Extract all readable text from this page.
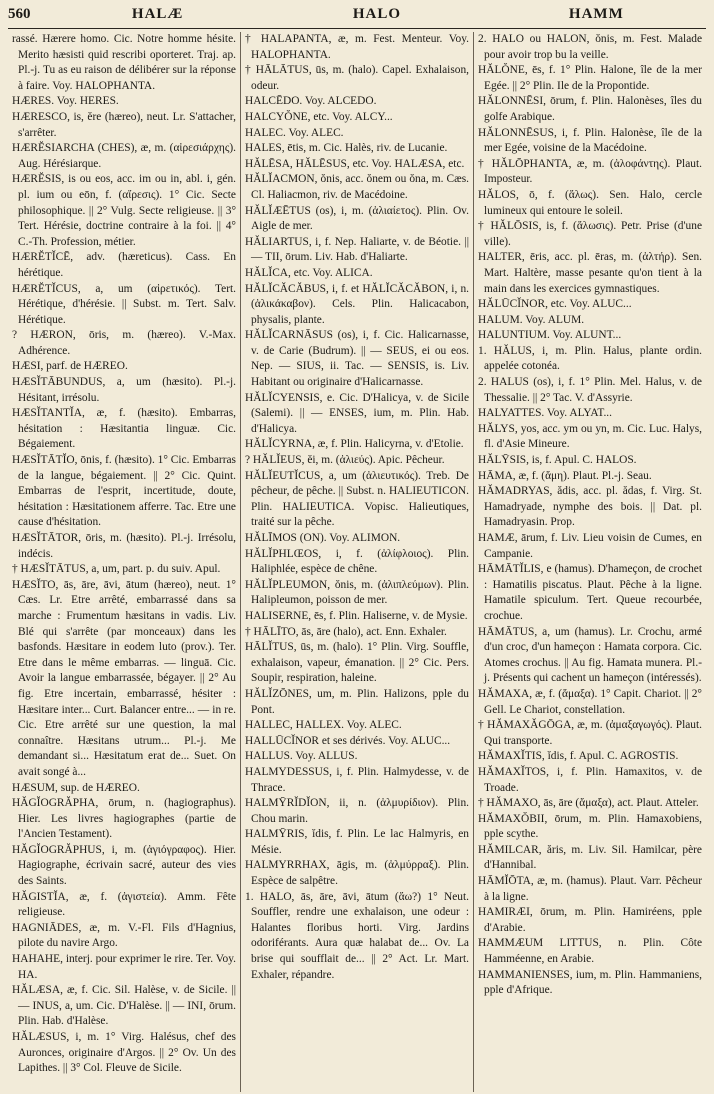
560	HALÆ	HALO	HAMM
rassé. Hærere homo. Cic. Notre homme hésite. Merito hæsisti quid rescribi oporteret. Traj. ap. Pl.-j. Tu as eu raison de délibérer sur la réponse à faire. Voy. HALOPHANTA.
HÆRES. Voy. HERES.
HÆRESCO, is, ĕre (hæreo), neut. Lr. S'attacher, s'arrêter.
HÆRĔSIARCHA (CHES), æ, m. (αἱρεσιάρχης). Aug. Hérésiarque.
HÆRĔSIS, is ou eos, acc. im ou in, abl. i, gén. pl. ium ou eōn, f. (αἵρεσις). 1° Cic. Secte philosophique. || 2° Vulg. Secte religieuse. || 3° Tert. Hérésie, doctrine contraire à la foi. || 4° C.-Th. Profession, métier.
HÆRĔTĬCĒ, adv. (hæreticus). Cass. En hérétique.
HÆRĔTĬCUS, a, um (αἱρετικός). Tert. Hérétique, d'hérésie. || Subst. m. Tert. Salv. Hérétique.
? HÆRON, ōris, m. (hæreo). V.-Max. Adhérence.
HÆSI, parf. de HÆREO.
HÆSĬTĀBUNDUS, a, um (hæsito). Pl.-j. Hésitant, irrésolu.
HÆSĬTANTĬA, æ, f. (hæsito). Embarras, hésitation : Hæsitantia linguæ. Cic. Bégaiement.
HÆSĬTĀTĬO, ōnis, f. (hæsito). 1° Cic. Embarras de la langue, bégaiement. || 2° Cic. Quint. Embarras de l'esprit, incertitude, doute, hésitation : Hæsitationem afferre. Tac. Etre une cause d'hésitation.
HÆSĬTĀTOR, ōris, m. (hæsito). Pl.-j. Irrésolu, indécis.
† HÆSĬTĀTUS, a, um, part. p. du suiv. Apul.
HÆSĬTO, ās, āre, āvi, ātum (hæreo), neut. 1° Cæs. Lr. Etre arrêté, embarrassé dans sa marche : Frumentum hæsitans in vadis. Liv. Blé qui s'arrête (par monceaux) dans les basfonds. Hæsitare in eodem luto (prov.). Ter. Etre dans le même embarras. — linguā. Cic. Avoir la langue embarrassée, bégayer. || 2° Au fig. Etre incertain, embarrassé, hésiter : Hæsitare inter... Curt. Balancer entre... — in re. Cic. Etre arrêté sur une question, la mal connaître. Hæsitans utrum... Pl.-j. Me demandant si... Hæsitatum erat de... Suet. On avait songé à...
HÆSUM, sup. de HÆREO.
HĂGĬOGRĂPHA, ōrum, n. (hagiographus). Hier. Les livres hagiographes (partie de l'Ancien Testament).
HĂGĬOGRĂPHUS, i, m. (ἁγιόγραφος). Hier. Hagiographe, écrivain sacré, auteur des vies des Saints.
HĂGISTĬA, æ, f. (ἁγιστεία). Amm. Fête religieuse.
HAGNIĀDES, æ, m. V.-Fl. Fils d'Hagnius, pilote du navire Argo.
HAHAHE, interj. pour exprimer le rire. Ter. Voy. HA.
HĂLÆSA, æ, f. Cic. Sil. Halèse, v. de Sicile. || — INUS, a, um. Cic. D'Halèse. || — INI, ōrum. Plin. Hab. d'Halèse.
HĂLÆSUS, i, m. 1° Virg. Halésus, chef des Auronces, originaire d'Argos. || 2° Ov. Un des Lapithes. || 3° Col. Fleuve de Sicile.
† HALAPANTA, æ, m. Fest. Menteur. Voy. HALOPHANTA.
† HĀLĀTUS, ūs, m. (halo). Capel. Exhalaison, odeur.
HALCĒDO. Voy. ALCEDO.
HALCYŎNE, etc. Voy. ALCY...
HALEC. Voy. ALEC.
HALES, ētis, m. Cic. Halès, riv. de Lucanie.
HĂLĒSA, HĂLĒSUS, etc. Voy. HALÆSA, etc.
HĂLĬACMON, ŏnis, acc. ŏnem ou ŏna, m. Cæs. Cl. Haliacmon, riv. de Macédoine.
HĂLĬÆĒTUS (os), i, m. (ἁλιαίετος). Plin. Ov. Aigle de mer.
HĂLIARTUS, i, f. Nep. Haliarte, v. de Béotie. || — TII, ōrum. Liv. Hab. d'Haliarte.
HĂLĬCA, etc. Voy. ALICA.
HĂLĬCĂCĂBUS, i, f. et HĂLĬCĂCĂBON, i, n. (ἁλικάκαβον). Cels. Plin. Halicacabon, physalis, plante.
HĂLĬCARNĀSUS (os), i, f. Cic. Halicarnasse, v. de Carie (Budrum). || — SEUS, ei ou eos. Nep. — SIUS, ii. Tac. — SENSIS, is. Liv. Habitant ou originaire d'Halicarnasse.
HĂLĬCYENSIS, e. Cic. D'Halicya, v. de Sicile (Salemi). || — ENSES, ium, m. Plin. Hab. d'Halicya.
HĂLĬCYRNA, æ, f. Plin. Halicyrna, v. d'Etolie.
? HĂLĬEUS, ĕi, m. (ἁλιεύς). Apic. Pêcheur.
HĂLĬEUTĬCUS, a, um (ἁλιευτικός). Treb. De pêcheur, de pêche. || Subst. n. HALIEUTICON. Plin. HALIEUTICA. Vopisc. Halieutiques, traité sur la pêche.
HĂLĪMOS (ON). Voy. ALIMON.
HĂLĬPHLŒOS, i, f. (ἁλίφλοιος). Plin. Haliphlée, espèce de chêne.
HĂLĬPLEUMON, ŏnis, m. (ἁλιπλεύμων). Plin. Halipleumon, poisson de mer.
HALISERNE, ēs, f. Plin. Haliserne, v. de Mysie.
† HĀLĪTO, ās, āre (halo), act. Enn. Exhaler.
HĀLĬTUS, ūs, m. (halo). 1° Plin. Virg. Souffle, exhalaison, vapeur, émanation. || 2° Cic. Pers. Soupir, respiration, haleine.
HĂLĬZŌNES, um, m. Plin. Halizons, pple du Pont.
HALLEC, HALLEX. Voy. ALEC.
HALLŪCĬNOR et ses dérivés. Voy. ALUC...
HALLUS. Voy. ALLUS.
HALMYDESSUS, i, f. Plin. Halmydesse, v. de Thrace.
HALMȲRĬDĬON, ii, n. (ἁλμυρίδιον). Plin. Chou marin.
HALMȲRIS, ĭdis, f. Plin. Le lac Halmyris, en Mésie.
HALMYRRHAX, āgis, m. (ἁλμύρραξ). Plin. Espèce de salpêtre.
1. HALO, ās, āre, āvi, ātum (ἄω?) 1° Neut. Souffler, rendre une exhalaison, une odeur : Halantes floribus horti. Virg. Jardins odoriférants. Aura quæ halabat de... Ov. La brise qui soufflait de... || 2° Act. Lr. Mart. Exhaler, répandre.
2. HALO ou HALON, ŏnis, m. Fest. Malade pour avoir trop bu la veille.
HĂLŎNE, ēs, f. 1° Plin. Halone, île de la mer Egée. || 2° Plin. Ile de la Propontide.
HĂLONNĒSI, ōrum, f. Plin. Halonèses, îles du golfe Arabique.
HĂLONNĒSUS, i, f. Plin. Halonèse, île de la mer Egée, voisine de la Macédoine.
† HĂLŌPHANTA, æ, m. (ἁλοφάντης). Plaut. Imposteur.
HĂLOS, ō, f. (ἅλως). Sen. Halo, cercle lumineux qui entoure le soleil.
† HĂLŌSIS, is, f. (ἅλωσις). Petr. Prise (d'une ville).
HALTER, ēris, acc. pl. ēras, m. (ἁλτήρ). Sen. Mart. Haltère, masse pesante qu'on tient à la main dans les exercices gymnastiques.
HĂLŪCĬNOR, etc. Voy. ALUC...
HALUM. Voy. ALUM.
HALUNTIUM. Voy. ALUNT...
1. HĂLUS, i, m. Plin. Halus, plante ordin. appelée cotonéa.
2. HALUS (os), i, f. 1° Plin. Mel. Halus, v. de Thessalie. || 2° Tac. V. d'Assyrie.
HALYATTES. Voy. ALYAT...
HĂLYS, yos, acc. ym ou yn, m. Cic. Luc. Halys, fl. d'Asie Mineure.
HĂLȲSIS, is, f. Apul. C. HALOS.
HĀMA, æ, f. (ἅμη). Plaut. Pl.-j. Seau.
HĂMADRYAS, ădis, acc. pl. ădas, f. Virg. St. Hamadryade, nymphe des bois. || Dat. pl. Hamadryasin. Prop.
HAMÆ, ārum, f. Liv. Lieu voisin de Cumes, en Campanie.
HĀMĀTĬLIS, e (hamus). D'hameçon, de crochet : Hamatilis piscatus. Plaut. Pêche à la ligne. Hamatile spiculum. Tert. Queue recourbée, crochue.
HĀMĀTUS, a, um (hamus). Lr. Crochu, armé d'un croc, d'un hameçon : Hamata corpora. Cic. Atomes crochus. || Au fig. Hamata munera. Pl.-j. Présents qui cachent un hameçon (intéressés).
HĂMAXA, æ, f. (ἅμαξα). 1° Capit. Chariot. || 2° Gell. Le Chariot, constellation.
† HĂMAXĂGŌGA, æ, m. (ἁμαξαγωγός). Plaut. Qui transporte.
HĂMAXĬTIS, ĭdis, f. Apul. C. AGROSTIS.
HĂMAXĬTOS, i, f. Plin. Hamaxitos, v. de Troade.
† HĂMAXO, ās, āre (ἅμαξα), act. Plaut. Atteler.
HĂMAXŎBII, ōrum, m. Plin. Hamaxobiens, pple scythe.
HĂMILCAR, ăris, m. Liv. Sil. Hamilcar, père d'Hannibal.
HĀMĬŌTA, æ, m. (hamus). Plaut. Varr. Pêcheur à la ligne.
HAMIRÆI, ōrum, m. Plin. Hamiréens, pple d'Arabie.
HAMMÆUM LITTUS, n. Plin. Côte Hamméenne, en Arabie.
HAMMANIENSES, ium, m. Plin. Hammaniens, pple d'Afrique.
